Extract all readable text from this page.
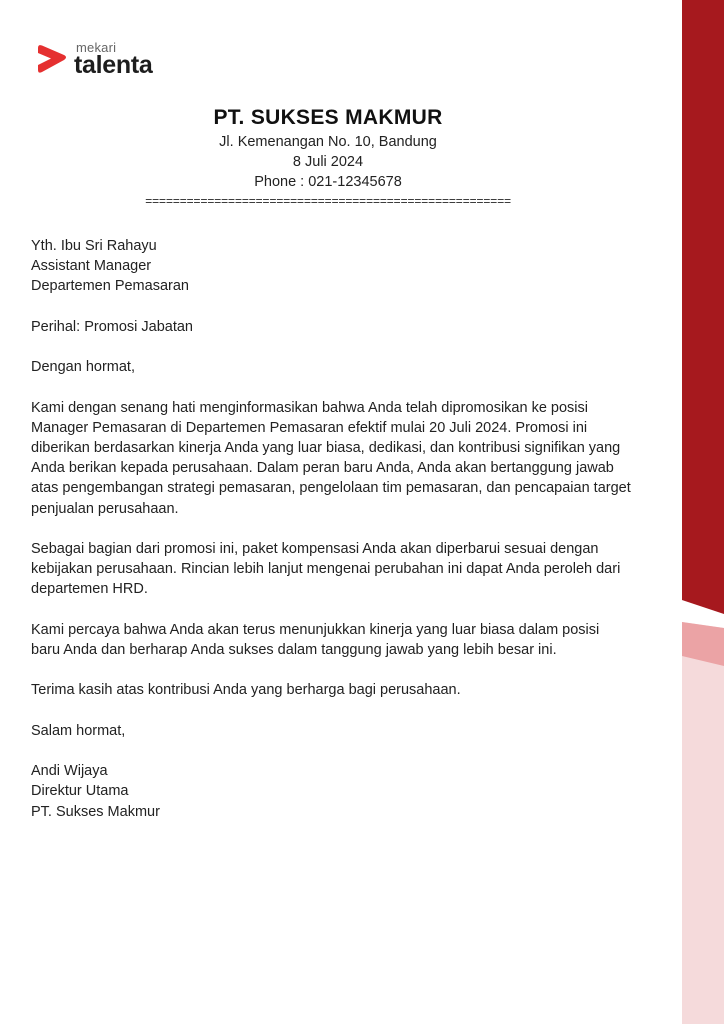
mekari
talenta
PT. SUKSES MAKMUR
Jl. Kemenangan No. 10, Bandung
8 Juli 2024
Phone : 021-12345678
=====================================================

Yth. Ibu Sri Rahayu
Assistant Manager
Departemen Pemasaran

Perihal: Promosi Jabatan

Dengan hormat,

Kami dengan senang hati menginformasikan bahwa Anda telah dipromosikan ke posisi Manager Pemasaran di Departemen Pemasaran efektif mulai 20 Juli 2024. Promosi ini diberikan berdasarkan kinerja Anda yang luar biasa, dedikasi, dan kontribusi signifikan yang Anda berikan kepada perusahaan. Dalam peran baru Anda, Anda akan bertanggung jawab atas pengembangan strategi pemasaran, pengelolaan tim pemasaran, dan pencapaian target penjualan perusahaan.

Sebagai bagian dari promosi ini, paket kompensasi Anda akan diperbarui sesuai dengan kebijakan perusahaan. Rincian lebih lanjut mengenai perubahan ini dapat Anda peroleh dari departemen HRD.

Kami percaya bahwa Anda akan terus menunjukkan kinerja yang luar biasa dalam posisi baru Anda dan berharap Anda sukses dalam tanggung jawab yang lebih besar ini.

Terima kasih atas kontribusi Anda yang berharga bagi perusahaan.

Salam hormat,

Andi Wijaya
Direktur Utama
PT. Sukses Makmur
